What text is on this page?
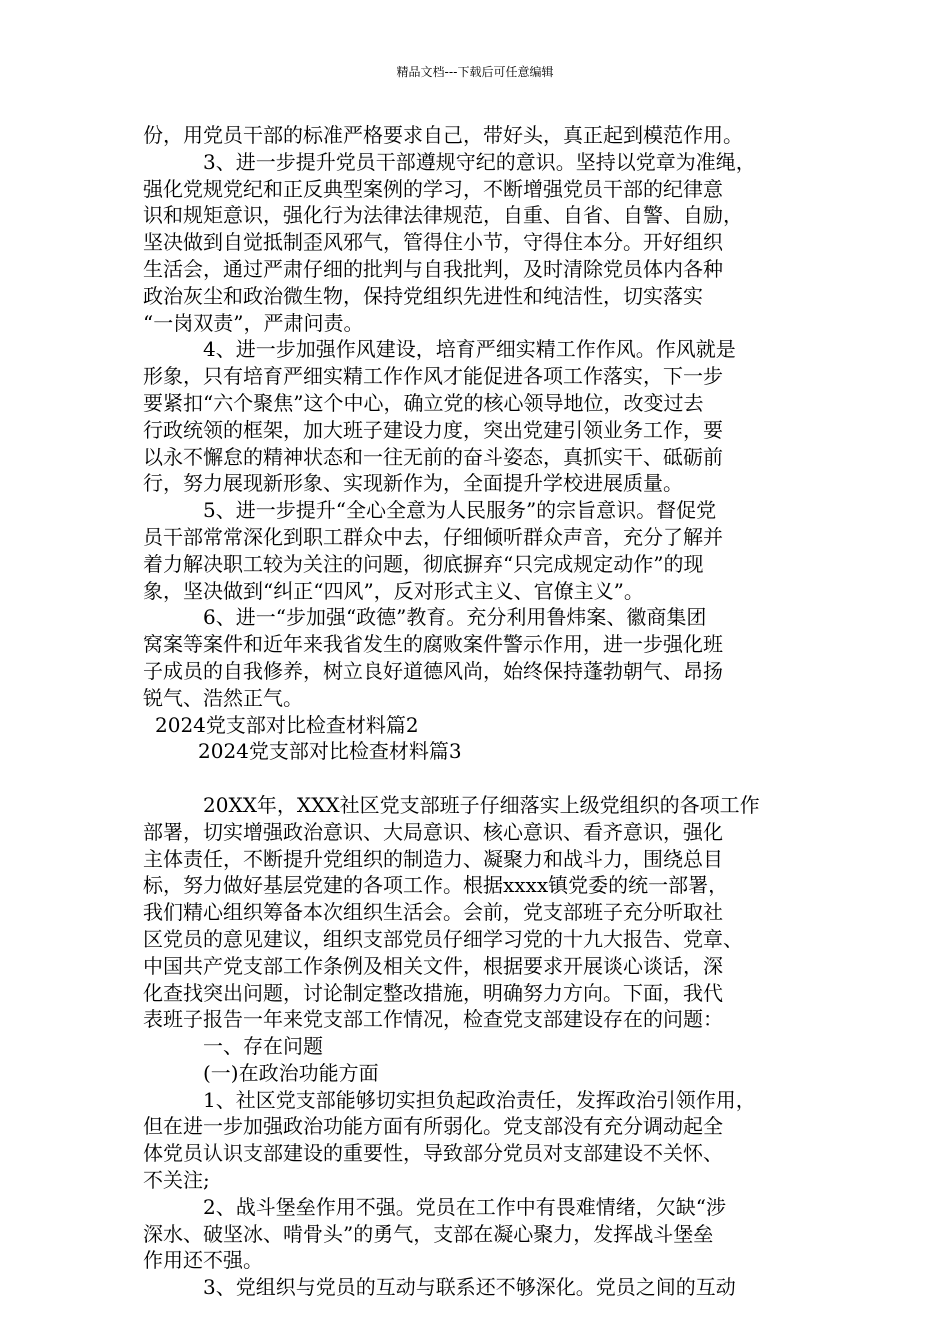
精品文档---下载后可任意编辑
份，用党员干部的标准严格要求自己，带好头，真正起到模范作用。
3、进一步提升党员干部遵规守纪的意识。坚持以党章为准绳，
强化党规党纪和正反典型案例的学习，不断增强党员干部的纪律意
识和规矩意识，强化行为法律法律规范，自重、自省、自警、自励，
坚决做到自觉抵制歪风邪气，管得住小节，守得住本分。开好组织
生活会，通过严肃仔细的批判与自我批判，及时清除党员体内各种
政治灰尘和政治微生物，保持党组织先进性和纯洁性，切实落实
“一岗双责”，严肃问责。
4、进一步加强作风建设，培育严细实精工作作风。作风就是
形象，只有培育严细实精工作作风才能促进各项工作落实，下一步
要紧扣“六个聚焦”这个中心，确立党的核心领导地位，改变过去
行政统领的框架，加大班子建设力度，突出党建引领业务工作，要
以永不懈怠的精神状态和一往无前的奋斗姿态，真抓实干、砥砺前
行，努力展现新形象、实现新作为，全面提升学校进展质量。
5、进一步提升“全心全意为人民服务”的宗旨意识。督促党
员干部常常深化到职工群众中去，仔细倾听群众声音，充分了解并
着力解决职工较为关注的问题，彻底摒弃“只完成规定动作”的现
象，坚决做到“纠正“四风”，反对形式主义、官僚主义”。
6、进一“步加强“政德”教育。充分利用鲁炜案、徽商集团
窝案等案件和近年来我省发生的腐败案件警示作用，进一步强化班
子成员的自我修养，树立良好道德风尚，始终保持蓬勃朝气、昂扬
锐气、浩然正气。
2024党支部对比检查材料篇2
2024党支部对比检查材料篇3
20XX年，XXX社区党支部班子仔细落实上级党组织的各项工作
部署，切实增强政治意识、大局意识、核心意识、看齐意识，强化
主体责任，不断提升党组织的制造力、凝聚力和战斗力，围绕总目
标，努力做好基层党建的各项工作。根据xxxx镇党委的统一部署，
我们精心组织筹备本次组织生活会。会前，党支部班子充分听取社
区党员的意见建议，组织支部党员仔细学习党的十九大报告、党章、
中国共产党支部工作条例及相关文件，根据要求开展谈心谈话，深
化查找突出问题，讨论制定整改措施，明确努力方向。下面，我代
表班子报告一年来党支部工作情况，检查党支部建设存在的问题：
一、存在问题
(一)在政治功能方面
1、社区党支部能够切实担负起政治责任，发挥政治引领作用，
但在进一步加强政治功能方面有所弱化。党支部没有充分调动起全
体党员认识支部建设的重要性，导致部分党员对支部建设不关怀、
不关注;
2、战斗堡垒作用不强。党员在工作中有畏难情绪，欠缺“涉
深水、破坚冰、啃骨头”的勇气，支部在凝心聚力，发挥战斗堡垒
作用还不强。
3、党组织与党员的互动与联系还不够深化。党员之间的互动
